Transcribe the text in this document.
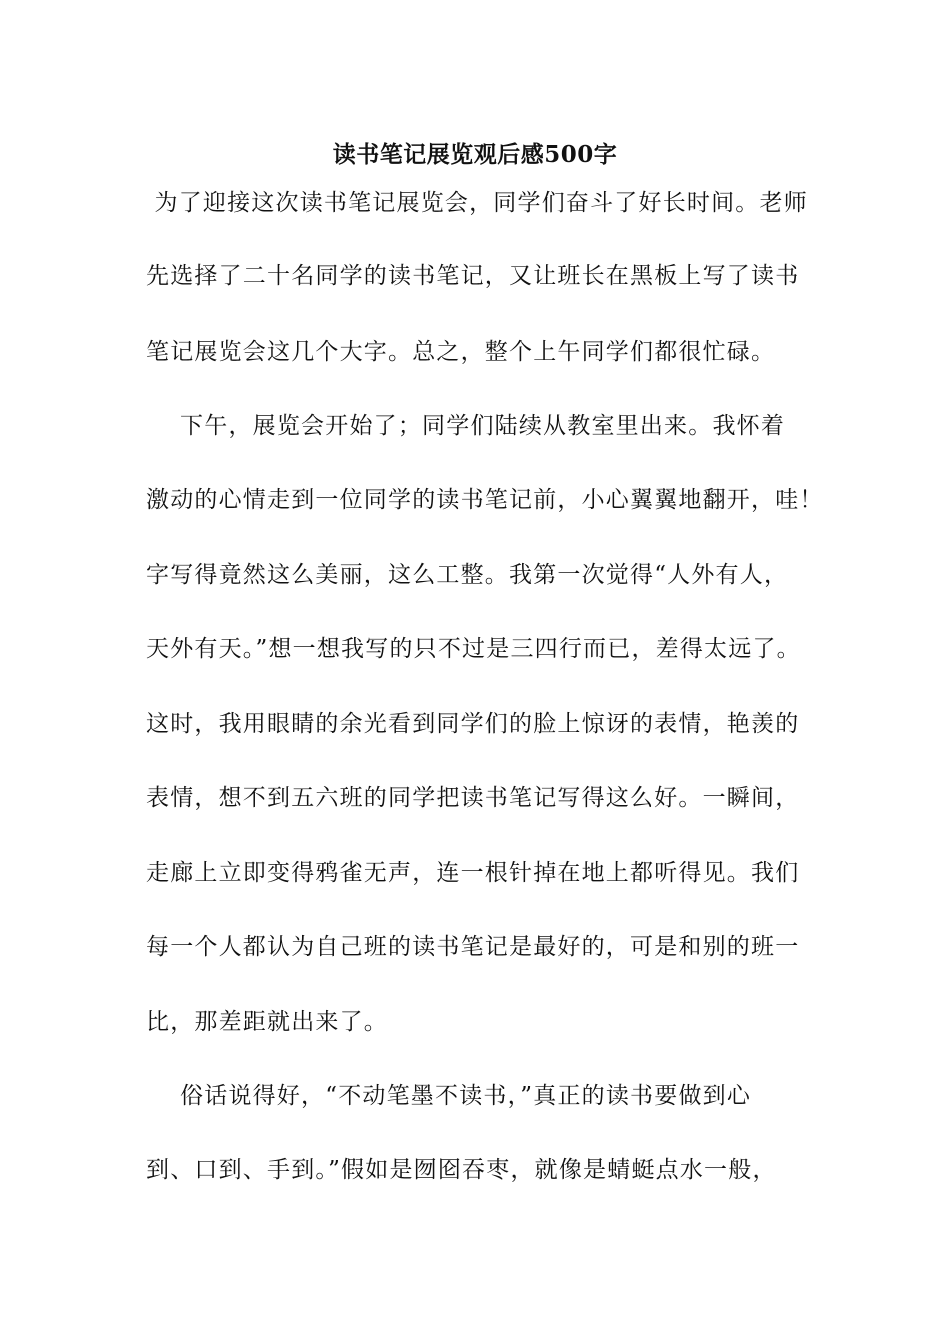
读书笔记展览观后感500字
为了迎接这次读书笔记展览会，同学们奋斗了好长时间。老师
先选择了二十名同学的读书笔记，又让班长在黑板上写了读书
笔记展览会这几个大字。总之，整个上午同学们都很忙碌。
下午，展览会开始了；同学们陆续从教室里出来。我怀着
激动的心情走到一位同学的读书笔记前，小心翼翼地翻开，哇！
字写得竟然这么美丽，这么工整。我第一次觉得“人外有人，
天外有天。”想一想我写的只不过是三四行而已，差得太远了。
这时，我用眼睛的余光看到同学们的脸上惊讶的表情，艳羡的
表情，想不到五六班的同学把读书笔记写得这么好。一瞬间，
走廊上立即变得鸦雀无声，连一根针掉在地上都听得见。我们
每一个人都认为自己班的读书笔记是最好的，可是和别的班一
比，那差距就出来了。
俗话说得好，“不动笔墨不读书，”真正的读书要做到心
到、口到、手到。”假如是囫囵吞枣，就像是蜻蜓点水一般，
